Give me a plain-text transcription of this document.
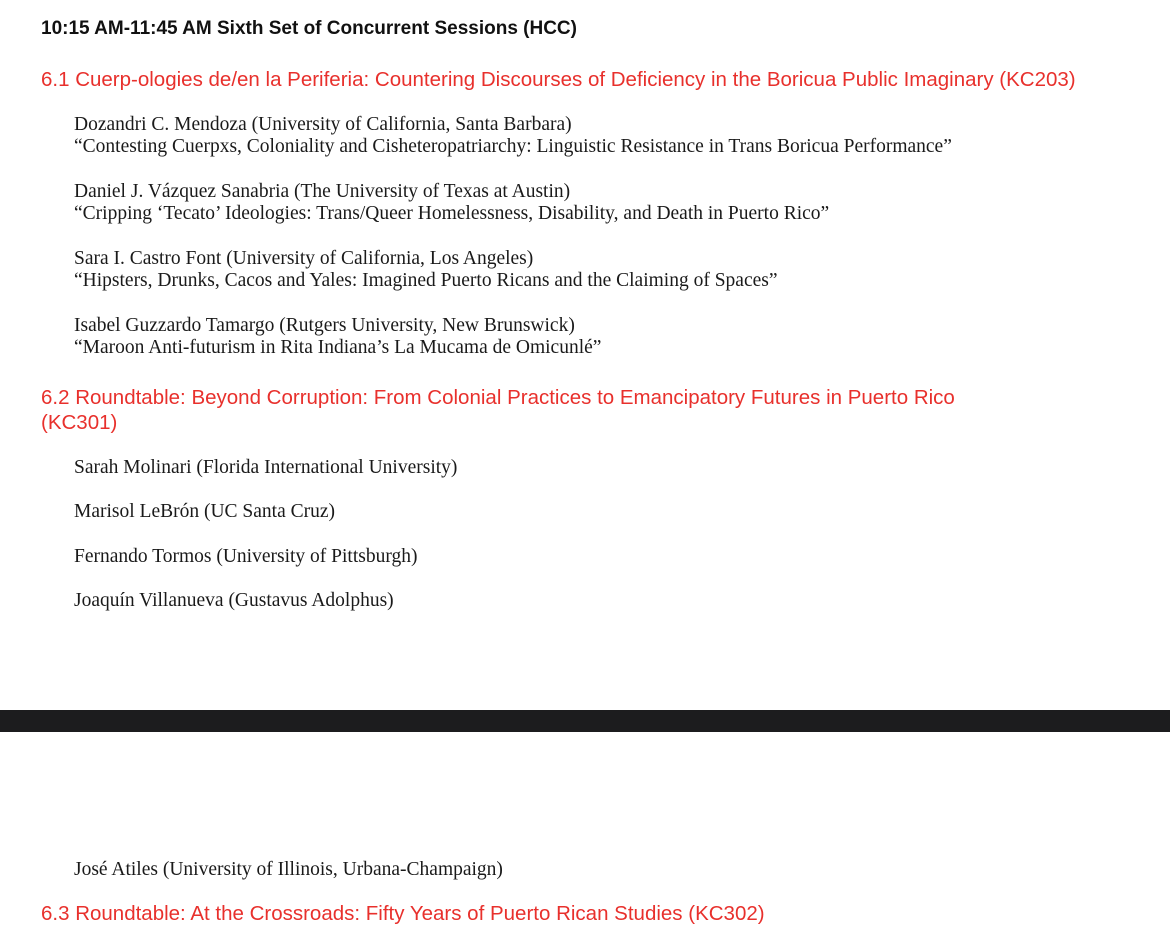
10:15 AM-11:45 AM Sixth Set of Concurrent Sessions (HCC)
6.1 Cuerp-ologies de/en la Periferia: Countering Discourses of Deficiency in the Boricua Public Imaginary (KC203)
Dozandri C. Mendoza (University of California, Santa Barbara)
“Contesting Cuerpxs, Coloniality and Cisheteropatriarchy: Linguistic Resistance in Trans Boricua Performance”
Daniel J. Vázquez Sanabria (The University of Texas at Austin)
“Cripping ‘Tecato’ Ideologies: Trans/Queer Homelessness, Disability, and Death in Puerto Rico”
Sara I. Castro Font (University of California, Los Angeles)
“Hipsters, Drunks, Cacos and Yales: Imagined Puerto Ricans and the Claiming of Spaces”
Isabel Guzzardo Tamargo (Rutgers University, New Brunswick)
“Maroon Anti-futurism in Rita Indiana’s La Mucama de Omicunlé”
6.2 Roundtable: Beyond Corruption: From Colonial Practices to Emancipatory Futures in Puerto Rico
(KC301)
Sarah Molinari (Florida International University)
Marisol LeBrón (UC Santa Cruz)
Fernando Tormos (University of Pittsburgh)
Joaquín Villanueva (Gustavus Adolphus)
José Atiles (University of Illinois, Urbana-Champaign)
6.3 Roundtable: At the Crossroads: Fifty Years of Puerto Rican Studies (KC302)
